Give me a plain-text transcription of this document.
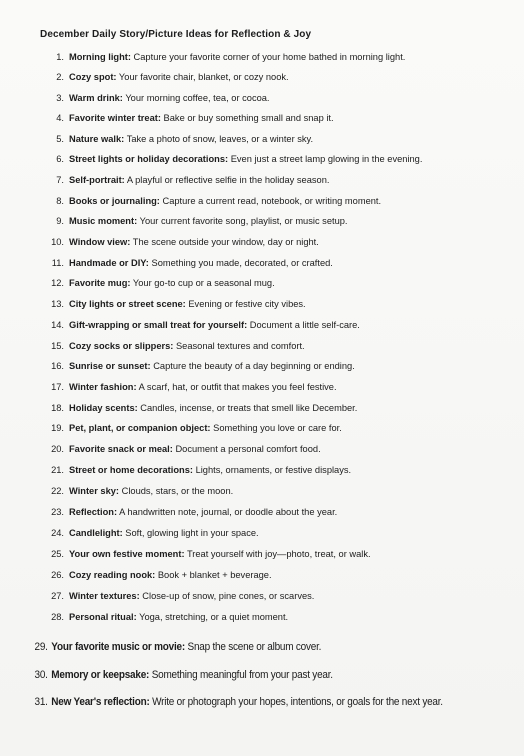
December Daily Story/Picture Ideas for Reflection & Joy
1. Morning light: Capture your favorite corner of your home bathed in morning light.
2. Cozy spot: Your favorite chair, blanket, or cozy nook.
3. Warm drink: Your morning coffee, tea, or cocoa.
4. Favorite winter treat: Bake or buy something small and snap it.
5. Nature walk: Take a photo of snow, leaves, or a winter sky.
6. Street lights or holiday decorations: Even just a street lamp glowing in the evening.
7. Self-portrait: A playful or reflective selfie in the holiday season.
8. Books or journaling: Capture a current read, notebook, or writing moment.
9. Music moment: Your current favorite song, playlist, or music setup.
10. Window view: The scene outside your window, day or night.
11. Handmade or DIY: Something you made, decorated, or crafted.
12. Favorite mug: Your go-to cup or a seasonal mug.
13. City lights or street scene: Evening or festive city vibes.
14. Gift-wrapping or small treat for yourself: Document a little self-care.
15. Cozy socks or slippers: Seasonal textures and comfort.
16. Sunrise or sunset: Capture the beauty of a day beginning or ending.
17. Winter fashion: A scarf, hat, or outfit that makes you feel festive.
18. Holiday scents: Candles, incense, or treats that smell like December.
19. Pet, plant, or companion object: Something you love or care for.
20. Favorite snack or meal: Document a personal comfort food.
21. Street or home decorations: Lights, ornaments, or festive displays.
22. Winter sky: Clouds, stars, or the moon.
23. Reflection: A handwritten note, journal, or doodle about the year.
24. Candlelight: Soft, glowing light in your space.
25. Your own festive moment: Treat yourself with joy—photo, treat, or walk.
26. Cozy reading nook: Book + blanket + beverage.
27. Winter textures: Close-up of snow, pine cones, or scarves.
28. Personal ritual: Yoga, stretching, or a quiet moment.
29. Your favorite music or movie: Snap the scene or album cover.
30. Memory or keepsake: Something meaningful from your past year.
31. New Year's reflection: Write or photograph your hopes, intentions, or goals for the next year.
